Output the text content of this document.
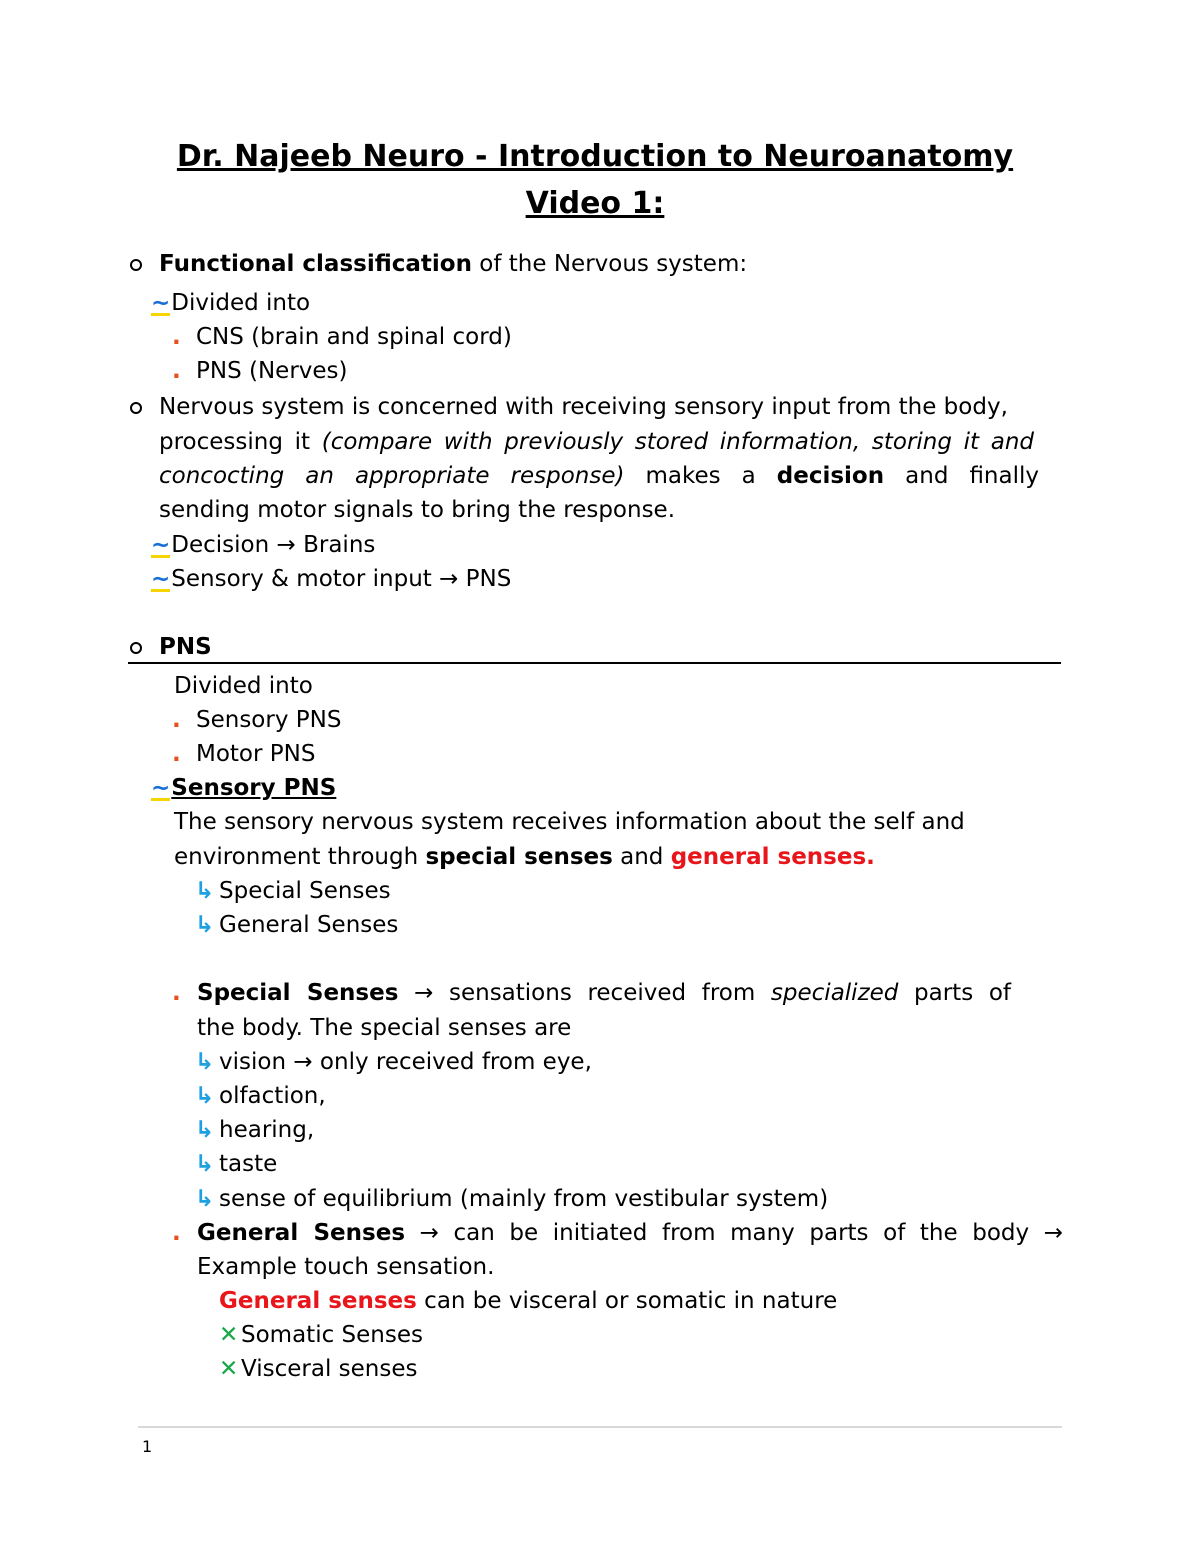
Dr. Najeeb Neuro - Introduction to Neuroanatomy
Video 1:
Functional classification of the Nervous system:
~Divided into
. CNS (brain and spinal cord)
. PNS (Nerves)
Nervous system is concerned with receiving sensory input from the body,
processing it (compare with previously stored information, storing it and
concocting an appropriate response) makes a decision and finally
sending motor signals to bring the response.
~Decision → Brains
~Sensory & motor input → PNS
PNS
Divided into
. Sensory PNS
. Motor PNS
~Sensory PNS
The sensory nervous system receives information about the self and
environment through special senses and general senses.
↳ Special Senses
↳ General Senses
. Special Senses → sensations received from specialized parts of
the body. The special senses are
↳ vision → only received from eye,
↳ olfaction,
↳ hearing,
↳ taste
↳ sense of equilibrium (mainly from vestibular system)
. General Senses → can be initiated from many parts of the body →
Example touch sensation.
General senses can be visceral or somatic in nature
✕ Somatic Senses
✕ Visceral senses
1
